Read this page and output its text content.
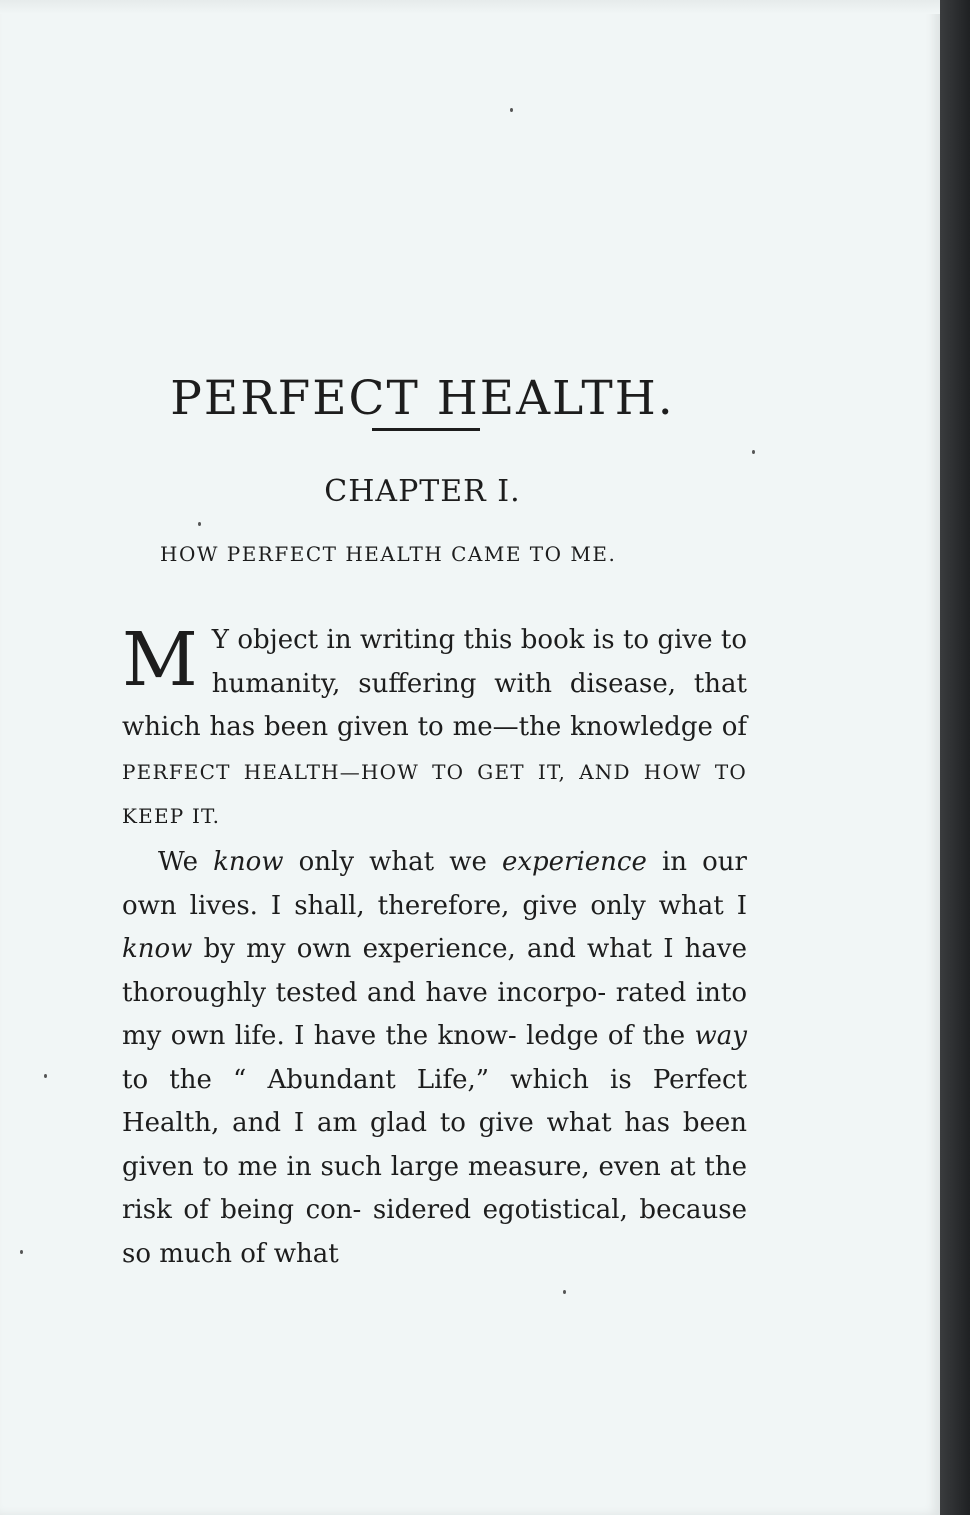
PERFECT HEALTH.
CHAPTER I.
HOW PERFECT HEALTH CAME TO ME.

M Y object in writing this book is to give to humanity, suffering with disease, that which has been given to me—the knowledge of PERFECT HEALTH—HOW TO GET IT, AND HOW TO KEEP IT.

We know only what we experience in our own lives. I shall, therefore, give only what I know by my own experience, and what I have thoroughly tested and have incorpo- rated into my own life. I have the know- ledge of the way to the “ Abundant Life,” which is Perfect Health, and I am glad to give what has been given to me in such large measure, even at the risk of being con- sidered egotistical, because so much of what
